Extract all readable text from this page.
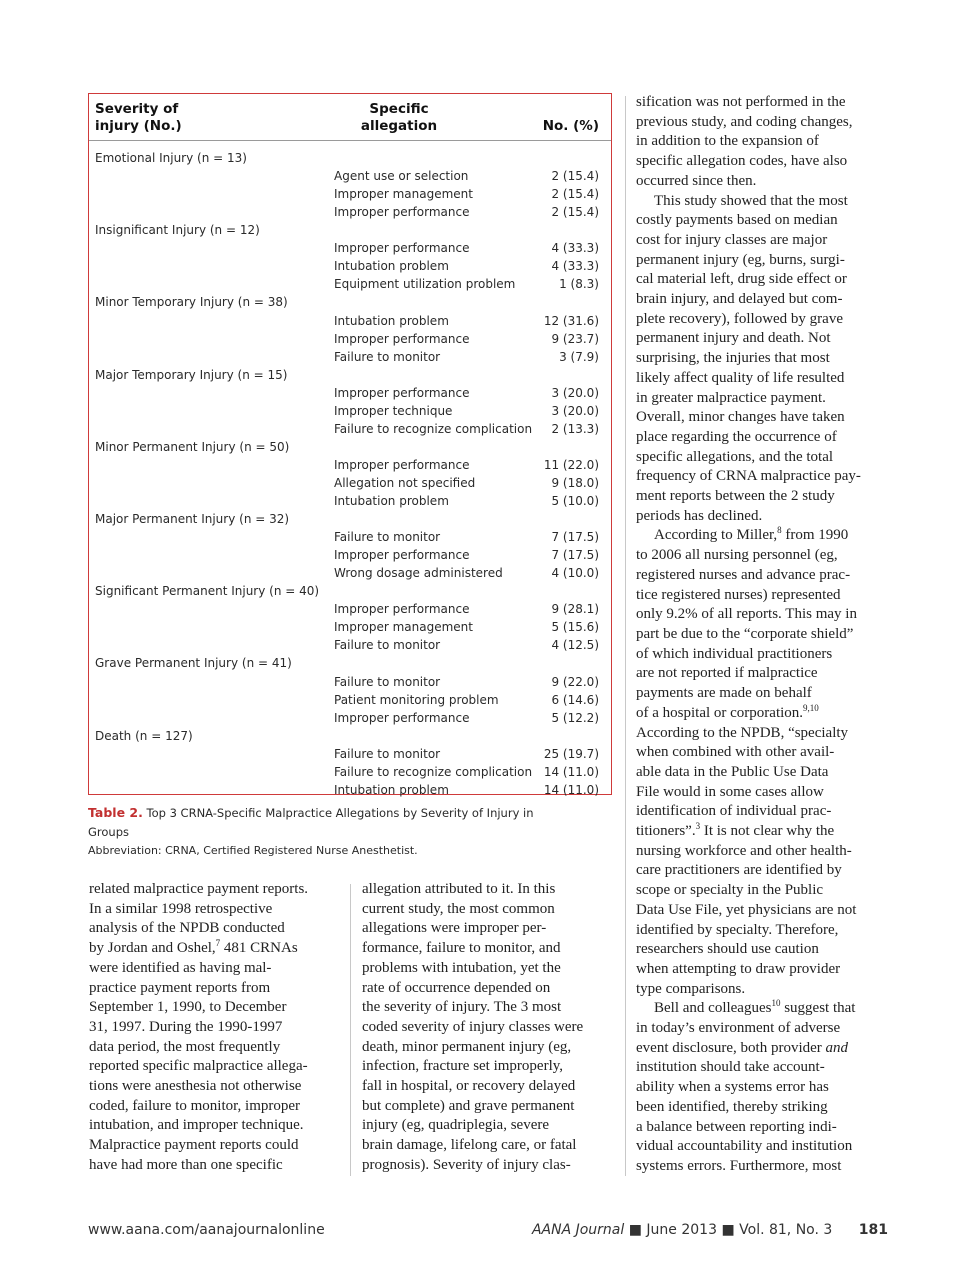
Severity of
injury (No.)
Specific
allegation	No. (%)
Emotional Injury (n = 13)
Agent use or selection	2 (15.4)
Improper management	2 (15.4)
Improper performance	2 (15.4)
Insignificant Injury (n = 12)
Improper performance	4 (33.3)
Intubation problem	4 (33.3)
Equipment utilization problem	1 (8.3)
Minor Temporary Injury (n = 38)
Intubation problem	12 (31.6)
Improper performance	9 (23.7)
Failure to monitor	3 (7.9)
Major Temporary Injury (n = 15)
Improper performance	3 (20.0)
Improper technique	3 (20.0)
Failure to recognize complication 2 (13.3)
Minor Permanent Injury (n = 50)
Improper performance	11 (22.0)
Allegation not specified	9 (18.0)
Intubation problem	5 (10.0)
Major Permanent Injury (n = 32)
Failure to monitor	7 (17.5)
Improper performance	7 (17.5)
Wrong dosage administered	4 (10.0)
Significant Permanent Injury (n = 40)
Improper performance	9 (28.1)
Improper management	5 (15.6)
Failure to monitor	4 (12.5)
Grave Permanent Injury (n = 41)
Failure to monitor	9 (22.0)
Patient monitoring problem	6 (14.6)
Improper performance	5 (12.2)
Death (n = 127)
Failure to monitor	25 (19.7)
Failure to recognize complication 14 (11.0)
Intubation problem	14 (11.0)
Table 2. Top 3 CRNA-Specific Malpractice Allegations by Severity of Injury in
Groups
Abbreviation: CRNA, Certified Registered Nurse Anesthetist.

related malpractice payment reports.

In a similar 1998 retrospective

analysis of the NPDB conducted

by Jordan and Oshel,$^7$ 481 CRNAs

were identified as having mal-

practice payment reports from

September 1, 1990, to December

31, 1997. During the 1990-1997

data period, the most frequently

reported specific malpractice allega-

tions were anesthesia not otherwise

coded, failure to monitor, improper

intubation, and improper technique.

Malpractice payment reports could

have had more than one specific

allegation attributed to it. In this

current study, the most common

allegations were improper per-

formance, failure to monitor, and

problems with intubation, yet the

rate of occurrence depended on

the severity of injury. The 3 most

coded severity of injury classes were

death, minor permanent injury (eg,

infection, fracture set improperly,

fall in hospital, or recovery delayed

but complete) and grave permanent

injury (eg, quadriplegia, severe

brain damage, lifelong care, or fatal

prognosis). Severity of injury clas-

sification was not performed in the

previous study, and coding changes,

in addition to the expansion of

specific allegation codes, have also

occurred since then.

This study showed that the most

costly payments based on median

cost for injury classes are major

permanent injury (eg, burns, surgi-

cal material left, drug side effect or

brain injury, and delayed but com-

plete recovery), followed by grave

permanent injury and death. Not

surprising, the injuries that most

likely affect quality of life resulted

in greater malpractice payment.

Overall, minor changes have taken

place regarding the occurrence of

specific allegations, and the total

frequency of CRNA malpractice pay-

ment reports between the 2 study

periods has declined.

According to Miller,$^8$ from 1990

to 2006 all nursing personnel (eg,

registered nurses and advance prac-

tice registered nurses) represented

only 9.2% of all reports. This may in

part be due to the “corporate shield”

of which individual practitioners

are not reported if malpractice

payments are made on behalf

of a hospital or corporation.$^{9,10}$

According to the NPDB, “specialty

when combined with other avail-

able data in the Public Use Data

File would in some cases allow

identification of individual prac-

titioners”.$^3$ It is not clear why the

nursing workforce and other health-

care practitioners are identified by

scope or specialty in the Public

Data Use File, yet physicians are not

identified by specialty. Therefore,

researchers should use caution

when attempting to draw provider

type comparisons.

Bell and colleagues$^{10}$ suggest that

in today’s environment of adverse

event disclosure, both provider and

institution should take account-

ability when a systems error has

been identified, thereby striking

a balance between reporting indi-

vidual accountability and institution

systems errors. Furthermore, most

www.aana.com/aanajournalonline	AANA Journal ■ June 2013 ■ Vol. 81, No. 3 181
